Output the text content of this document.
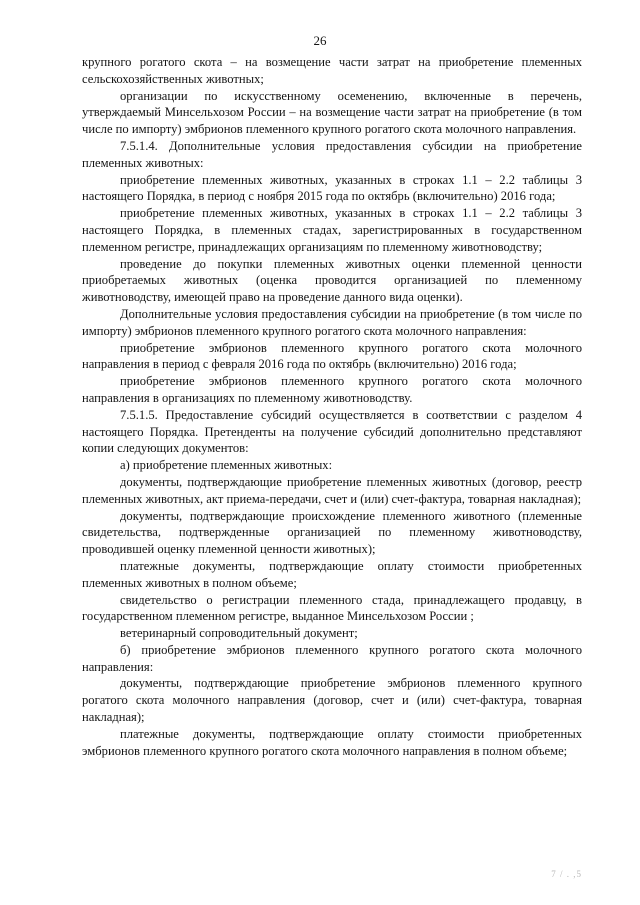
26

крупного рогатого скота – на возмещение части затрат на приобретение племенных сельскохозяйственных животных;

организации по искусственному осеменению, включенные в перечень, утверждаемый Минсельхозом России – на возмещение части затрат на приобретение (в том числе по импорту) эмбрионов племенного крупного рогатого скота молочного направления.

7.5.1.4. Дополнительные условия предоставления субсидии на приобретение племенных животных:

приобретение племенных животных, указанных в строках 1.1 – 2.2 таблицы 3 настоящего Порядка, в период с ноября 2015 года по октябрь (включительно) 2016 года;

приобретение племенных животных, указанных в строках 1.1 – 2.2 таблицы 3 настоящего Порядка, в племенных стадах, зарегистрированных в государственном племенном регистре, принадлежащих организациям по племенному животноводству;

проведение до покупки племенных животных оценки племенной ценности приобретаемых животных (оценка проводится организацией по племенному животноводству, имеющей право на проведение данного вида оценки).

Дополнительные условия предоставления субсидии на приобретение (в том числе по импорту) эмбрионов племенного крупного рогатого скота молочного направления:

приобретение эмбрионов племенного крупного рогатого скота молочного направления в период с февраля 2016 года по октябрь (включительно) 2016 года;

приобретение эмбрионов племенного крупного рогатого скота молочного направления в организациях по племенному животноводству.

7.5.1.5. Предоставление субсидий осуществляется в соответствии с разделом 4 настоящего Порядка. Претенденты на получение субсидий дополнительно представляют копии следующих документов:

а) приобретение племенных животных:

документы, подтверждающие приобретение племенных животных (договор, реестр племенных животных, акт приема-передачи, счет и (или) счет-фактура, товарная накладная);

документы, подтверждающие происхождение племенного животного (племенные свидетельства, подтвержденные организацией по племенному животноводству, проводившей оценку племенной ценности животных);

платежные документы, подтверждающие оплату стоимости приобретенных племенных животных в полном объеме;

свидетельство о регистрации племенного стада, принадлежащего продавцу, в государственном племенном регистре, выданное Минсельхозом России ;

ветеринарный сопроводительный документ;

б) приобретение эмбрионов племенного крупного рогатого скота молочного направления:

документы, подтверждающие приобретение эмбрионов племенного крупного рогатого скота молочного направления (договор, счет и (или) счет-фактура, товарная накладная);

платежные документы, подтверждающие оплату стоимости приобретенных эмбрионов племенного крупного рогатого скота молочного направления в полном объеме;

7 / . ,5
